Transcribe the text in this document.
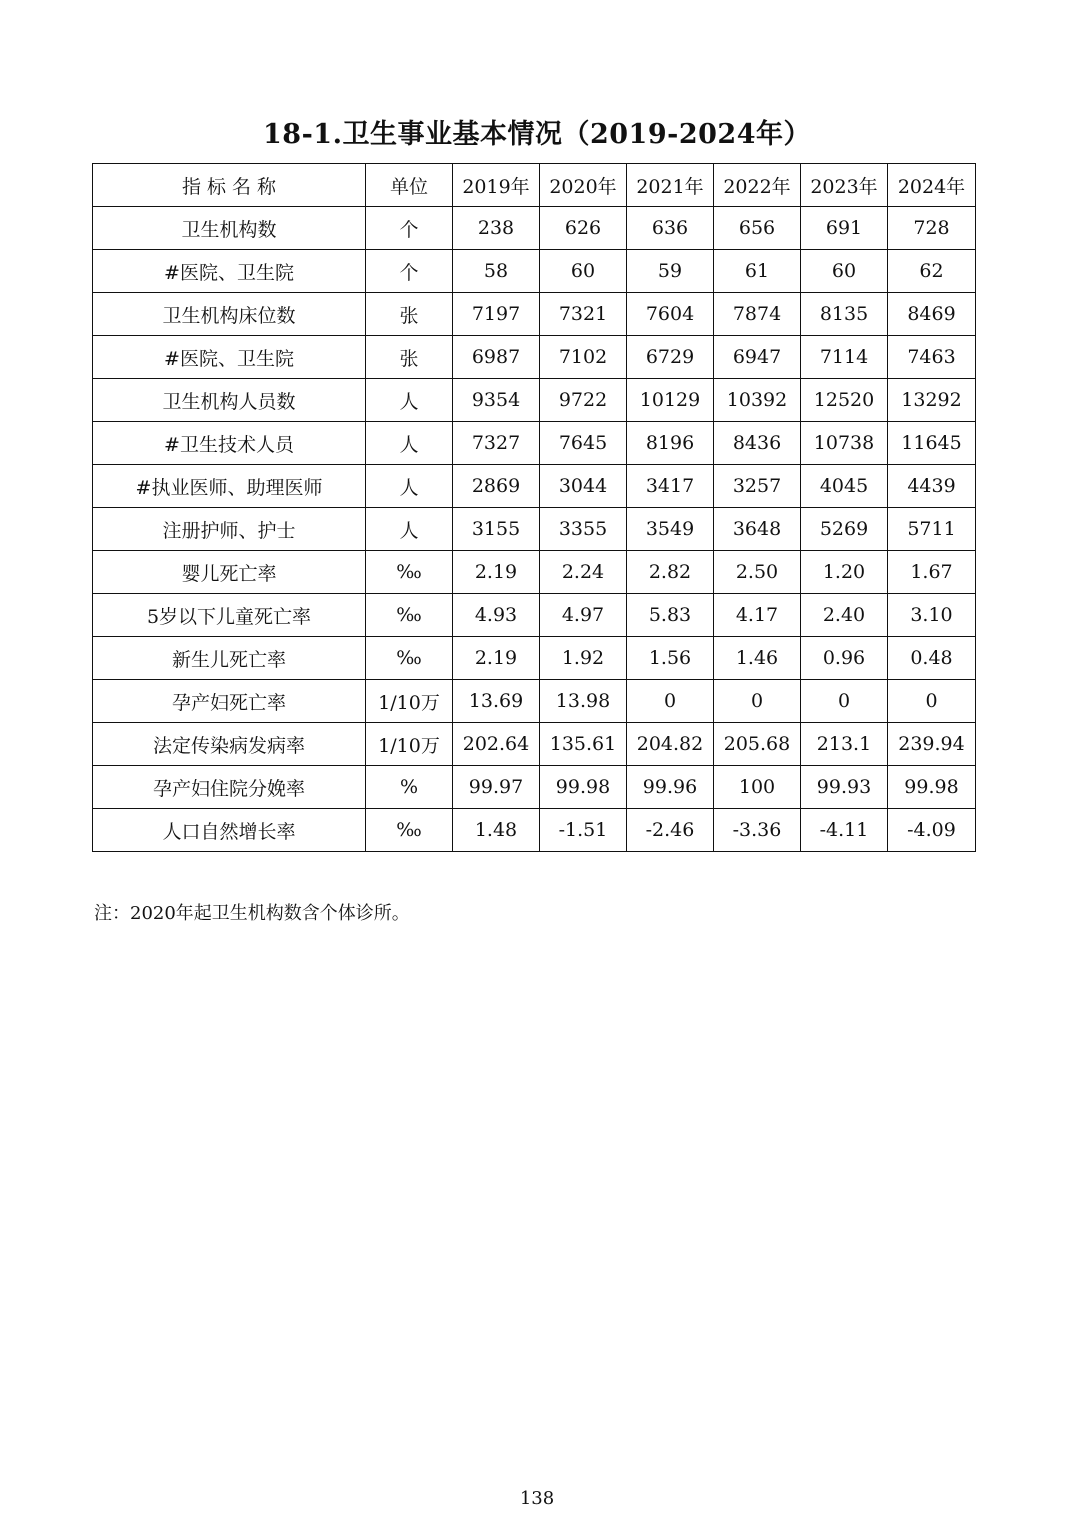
18-1.卫生事业基本情况（2019-2024年）
指 标 名 称	单位	2019年	2020年	2021年	2022年	2023年	2024年
卫生机构数	个	238	626	636	656	691	728
#医院、卫生院	个	58	60	59	61	60	62
卫生机构床位数	张	7197	7321	7604	7874	8135	8469
#医院、卫生院	张	6987	7102	6729	6947	7114	7463
卫生机构人员数	人	9354	9722	10129	10392	12520	13292
#卫生技术人员	人	7327	7645	8196	8436	10738	11645
#执业医师、助理医师	人	2869	3044	3417	3257	4045	4439
注册护师、护士	人	3155	3355	3549	3648	5269	5711
婴儿死亡率	‰	2.19	2.24	2.82	2.50	1.20	1.67
5岁以下儿童死亡率	‰	4.93	4.97	5.83	4.17	2.40	3.10
新生儿死亡率	‰	2.19	1.92	1.56	1.46	0.96	0.48
孕产妇死亡率	1/10万	13.69	13.98	0	0	0	0
法定传染病发病率	1/10万	202.64	135.61	204.82	205.68	213.1	239.94
孕产妇住院分娩率	%	99.97	99.98	99.96	100	99.93	99.98
人口自然增长率	‰	1.48	-1.51	-2.46	-3.36	-4.11	-4.09
注：2020年起卫生机构数含个体诊所。
138
